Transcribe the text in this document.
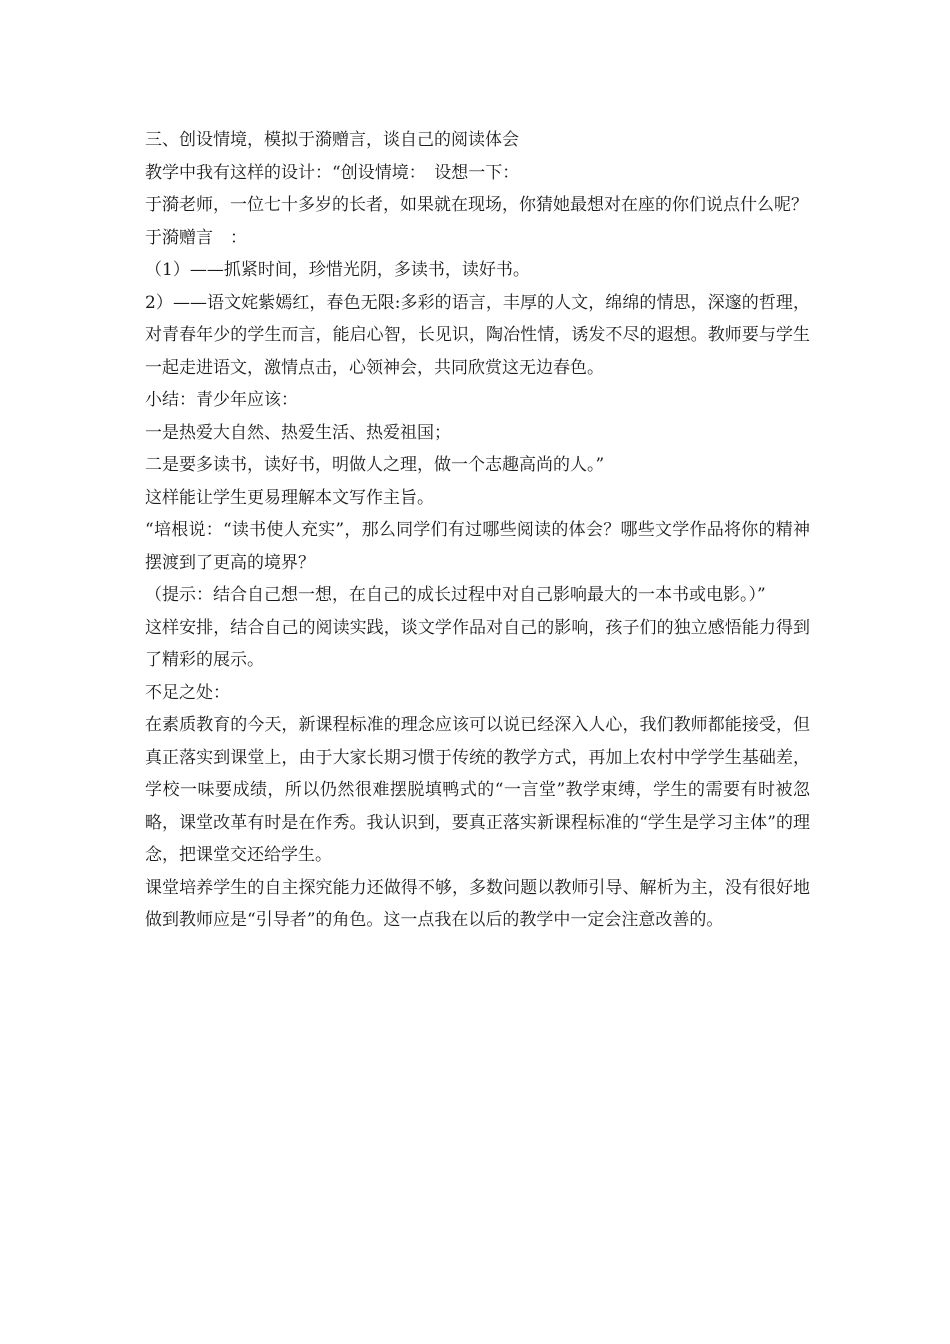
三、创设情境，模拟于漪赠言，谈自己的阅读体会

教学中我有这样的设计：“创设情境：　设想一下：

于漪老师，一位七十多岁的长者，如果就在现场，你猜她最想对在座的你们说点什么呢？

于漪赠言　：

（1）——抓紧时间，珍惜光阴，多读书，读好书。

2）——语文姹紫嫣红，春色无限:多彩的语言，丰厚的人文，绵绵的情思，深邃的哲理，对青春年少的学生而言，能启心智，长见识，陶冶性情，诱发不尽的遐想。教师要与学生一起走进语文，激情点击，心领神会，共同欣赏这无边春色。

小结：青少年应该：

一是热爱大自然、热爱生活、热爱祖国；

二是要多读书，读好书，明做人之理，做一个志趣高尚的人。”

这样能让学生更易理解本文写作主旨。

“培根说：“读书使人充实”，那么同学们有过哪些阅读的体会？哪些文学作品将你的精神摆渡到了更高的境界？

（提示：结合自己想一想，在自己的成长过程中对自己影响最大的一本书或电影。）”

这样安排，结合自己的阅读实践，谈文学作品对自己的影响，孩子们的独立感悟能力得到了精彩的展示。

不足之处：

在素质教育的今天，新课程标准的理念应该可以说已经深入人心，我们教师都能接受，但真正落实到课堂上，由于大家长期习惯于传统的教学方式，再加上农村中学学生基础差，学校一味要成绩，所以仍然很难摆脱填鸭式的“一言堂”教学束缚，学生的需要有时被忽略，课堂改革有时是在作秀。我认识到，要真正落实新课程标准的“学生是学习主体”的理念，把课堂交还给学生。

课堂培养学生的自主探究能力还做得不够，多数问题以教师引导、解析为主，没有很好地做到教师应是“引导者”的角色。这一点我在以后的教学中一定会注意改善的。
